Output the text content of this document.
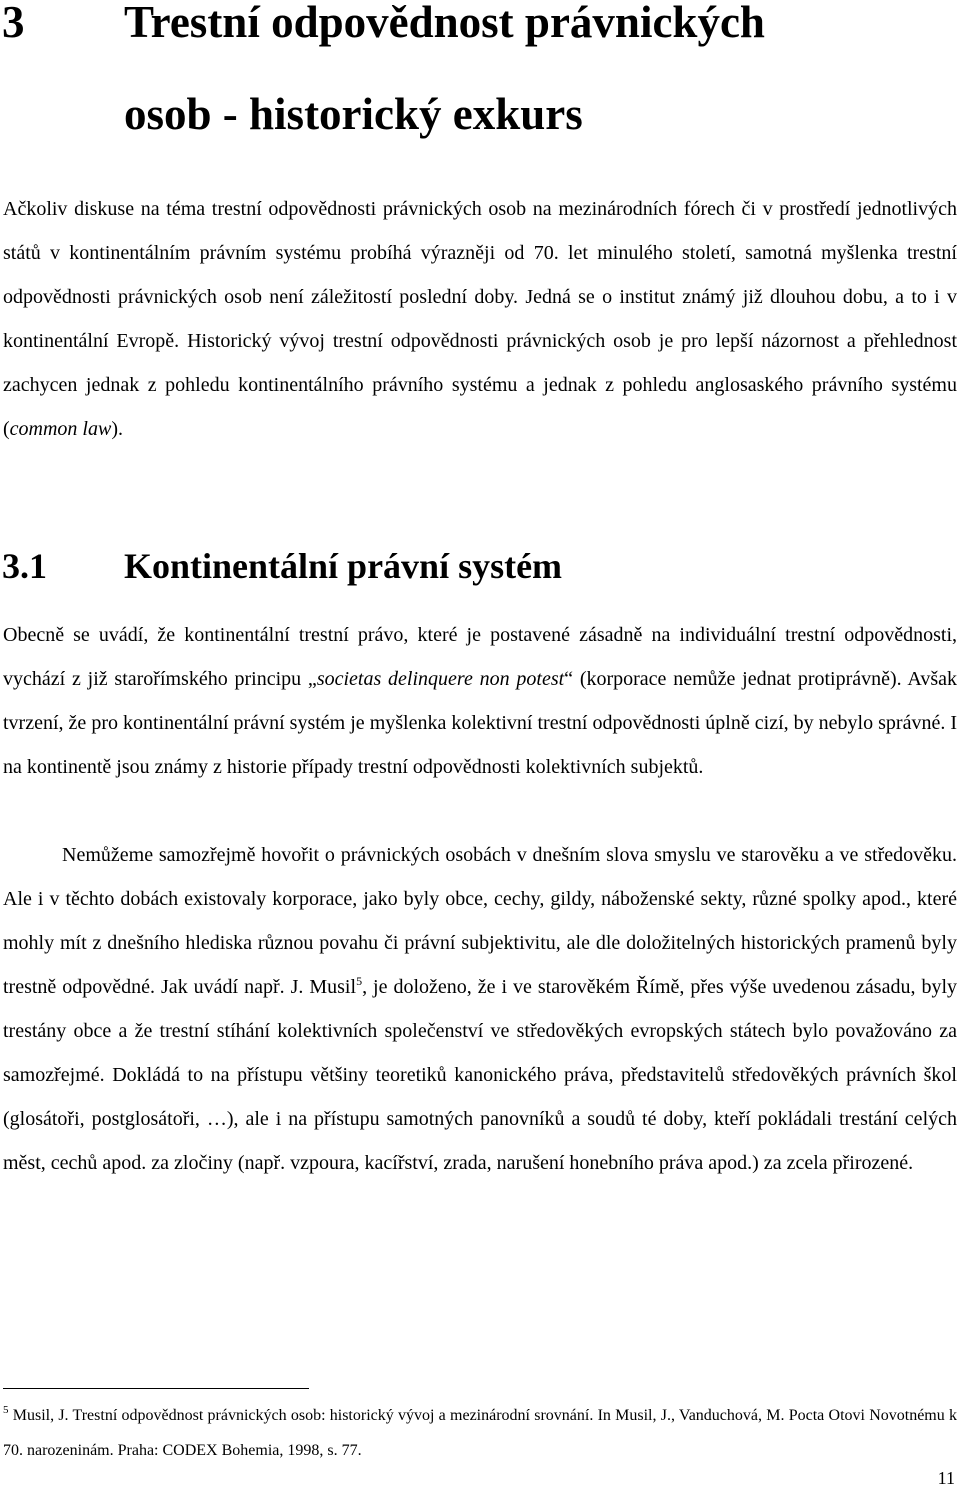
3 Trestní odpovědnost právnických
osob - historický exkurs

Ačkoliv diskuse na téma trestní odpovědnosti právnických osob na mezinárodních fórech či v prostředí jednotlivých států v kontinentálním právním systému probíhá výrazněji od 70. let minulého století, samotná myšlenka trestní odpovědnosti právnických osob není záležitostí poslední doby. Jedná se o institut známý již dlouhou dobu, a to i v kontinentální Evropě. Historický vývoj trestní odpovědnosti právnických osob je pro lepší názornost a přehlednost zachycen jednak z pohledu kontinentálního právního systému a jednak z pohledu anglosaského právního systému (common law).

3.1 Kontinentální právní systém

Obecně se uvádí, že kontinentální trestní právo, které je postavené zásadně na individuální trestní odpovědnosti, vychází z již starořímského principu „societas delinquere non potest“ (korporace nemůže jednat protiprávně). Avšak tvrzení, že pro kontinentální právní systém je myšlenka kolektivní trestní odpovědnosti úplně cizí, by nebylo správné. I na kontinentě jsou známy z historie případy trestní odpovědnosti kolektivních subjektů.

Nemůžeme samozřejmě hovořit o právnických osobách v dnešním slova smyslu ve starověku a ve středověku. Ale i v těchto dobách existovaly korporace, jako byly obce, cechy, gildy, náboženské sekty, různé spolky apod., které mohly mít z dnešního hlediska různou povahu či právní subjektivitu, ale dle doložitelných historických pramenů byly trestně odpovědné. Jak uvádí např. J. Musil$^5$, je doloženo, že i ve starověkém Římě, přes výše uvedenou zásadu, byly trestány obce a že trestní stíhání kolektivních společenství ve středověkých evropských státech bylo považováno za samozřejmé. Dokládá to na přístupu většiny teoretiků kanonického práva, představitelů středověkých právních škol (glosátoři, postglosátoři, …), ale i na přístupu samotných panovníků a soudů té doby, kteří pokládali trestání celých měst, cechů apod. za zločiny (např. vzpoura, kacířství, zrada, narušení honebního práva apod.) za zcela přirozené.

$^5$ Musil, J. Trestní odpovědnost právnických osob: historický vývoj a mezinárodní srovnání. In Musil, J., Vanduchová, M. Pocta Otovi Novotnému k 70. narozeninám. Praha: CODEX Bohemia, 1998, s. 77.

11
